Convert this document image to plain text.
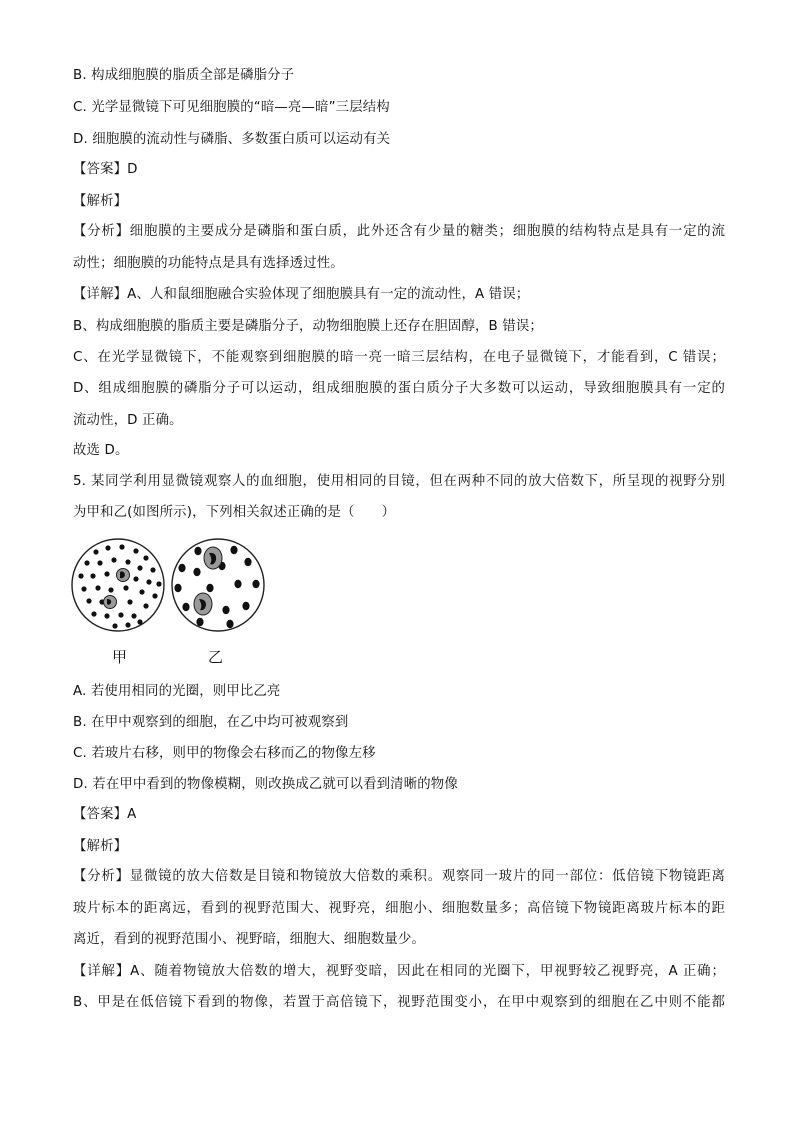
B. 构成细胞膜的脂质全部是磷脂分子
C. 光学显微镜下可见细胞膜的“暗—亮—暗”三层结构
D. 细胞膜的流动性与磷脂、多数蛋白质可以运动有关
【答案】D
【解析】
【分析】细胞膜的主要成分是磷脂和蛋白质，此外还含有少量的糖类；细胞膜的结构特点是具有一定的流
动性；细胞膜的功能特点是具有选择透过性。
【详解】A、人和鼠细胞融合实验体现了细胞膜具有一定的流动性，A 错误；
B、构成细胞膜的脂质主要是磷脂分子，动物细胞膜上还存在胆固醇，B 错误；
C、在光学显微镜下，不能观察到细胞膜的暗一亮一暗三层结构，在电子显微镜下，才能看到，C 错误；
D、组成细胞膜的磷脂分子可以运动，组成细胞膜的蛋白质分子大多数可以运动，导致细胞膜具有一定的
流动性，D 正确。
故选 D。
5. 某同学利用显微镜观察人的血细胞，使用相同的目镜，但在两种不同的放大倍数下，所呈现的视野分别
为甲和乙(如图所示)，下列相关叙述正确的是（　　）
甲	乙
A. 若使用相同的光圈，则甲比乙亮
B. 在甲中观察到的细胞，在乙中均可被观察到
C. 若玻片右移，则甲的物像会右移而乙的物像左移
D. 若在甲中看到的物像模糊，则改换成乙就可以看到清晰的物像
【答案】A
【解析】
【分析】显微镜的放大倍数是目镜和物镜放大倍数的乘积。观察同一玻片的同一部位：低倍镜下物镜距离
玻片标本的距离远，看到的视野范围大、视野亮，细胞小、细胞数量多；高倍镜下物镜距离玻片标本的距
离近，看到的视野范围小、视野暗，细胞大、细胞数量少。
【详解】A、随着物镜放大倍数的增大，视野变暗，因此在相同的光圈下，甲视野较乙视野亮，A 正确；
B、甲是在低倍镜下看到的物像，若置于高倍镜下，视野范围变小，在甲中观察到的细胞在乙中则不能都
